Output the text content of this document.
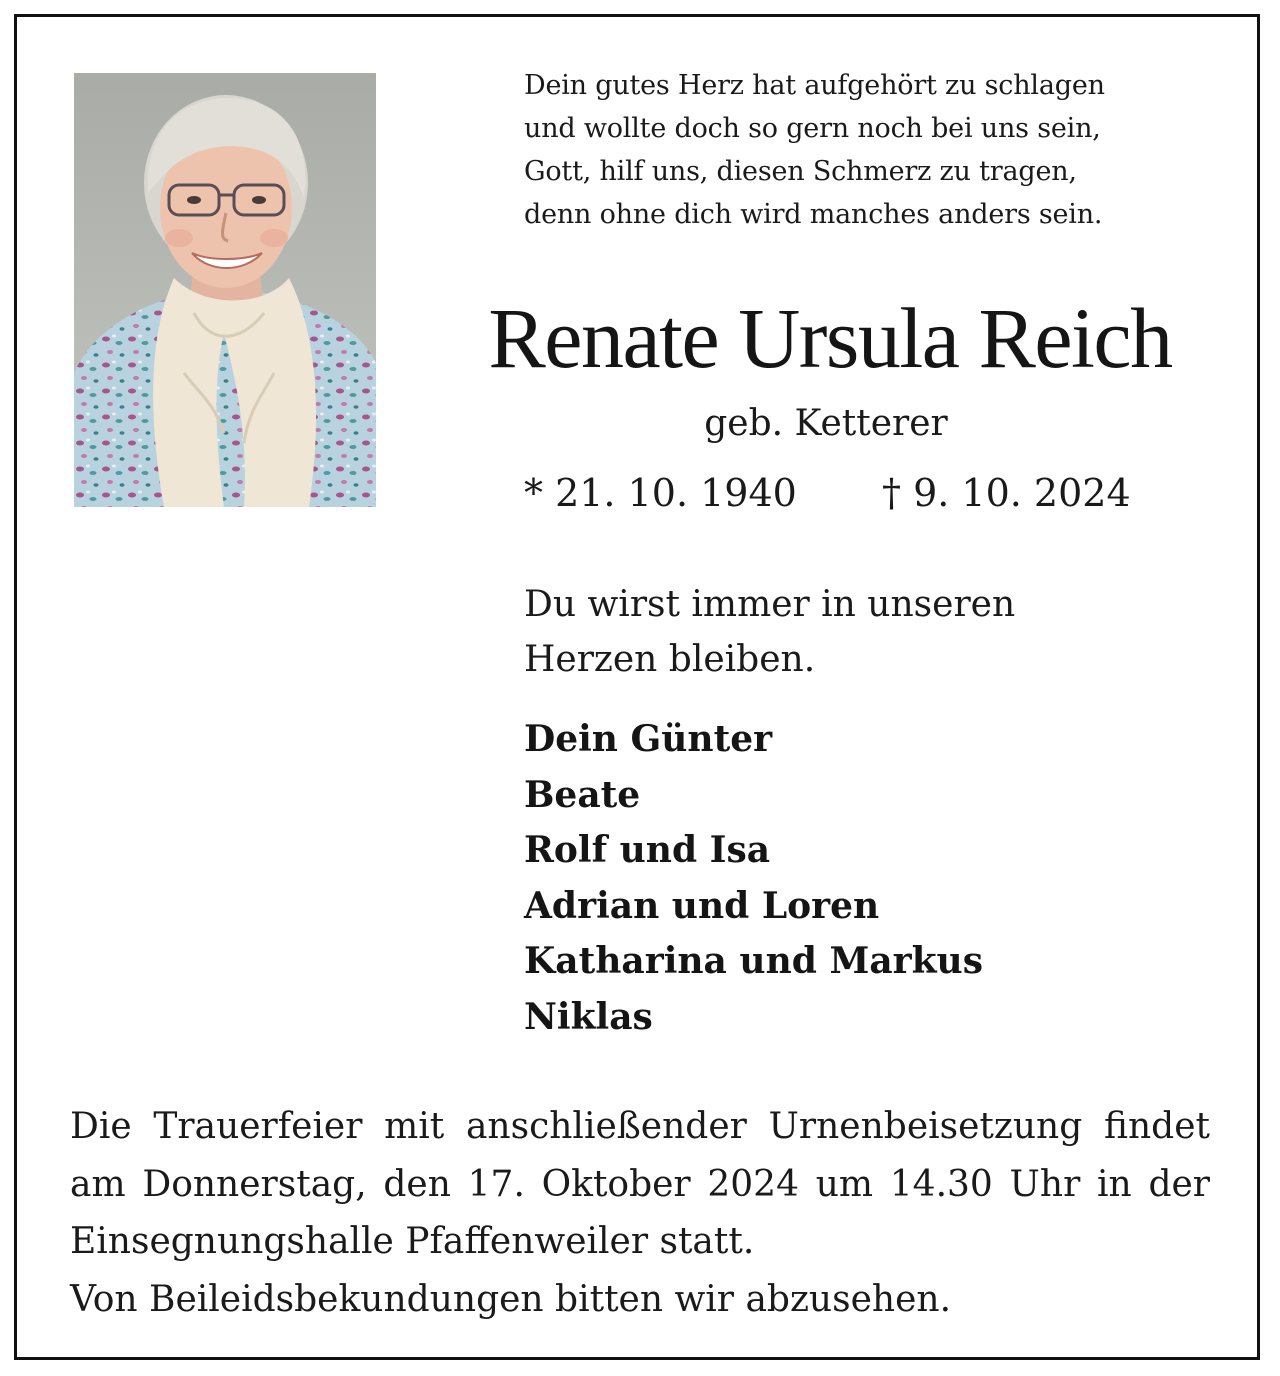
Dein gutes Herz hat aufgehört zu schlagen
und wollte doch so gern noch bei uns sein,
Gott, hilf uns, diesen Schmerz zu tragen,
denn ohne dich wird manches anders sein.
Renate Ursula Reich
geb. Ketterer
* 21. 10. 1940 † 9. 10. 2024
Du wirst immer in unseren
Herzen bleiben.
Dein Günter
Beate
Rolf und Isa
Adrian und Loren
Katharina und Markus
Niklas
Die Trauerfeier mit anschließender Urnenbeisetzung findet
am Donnerstag, den 17. Oktober 2024 um 14.30 Uhr in der
Einsegnungshalle Pfaffenweiler statt.
Von Beileidsbekundungen bitten wir abzusehen.
